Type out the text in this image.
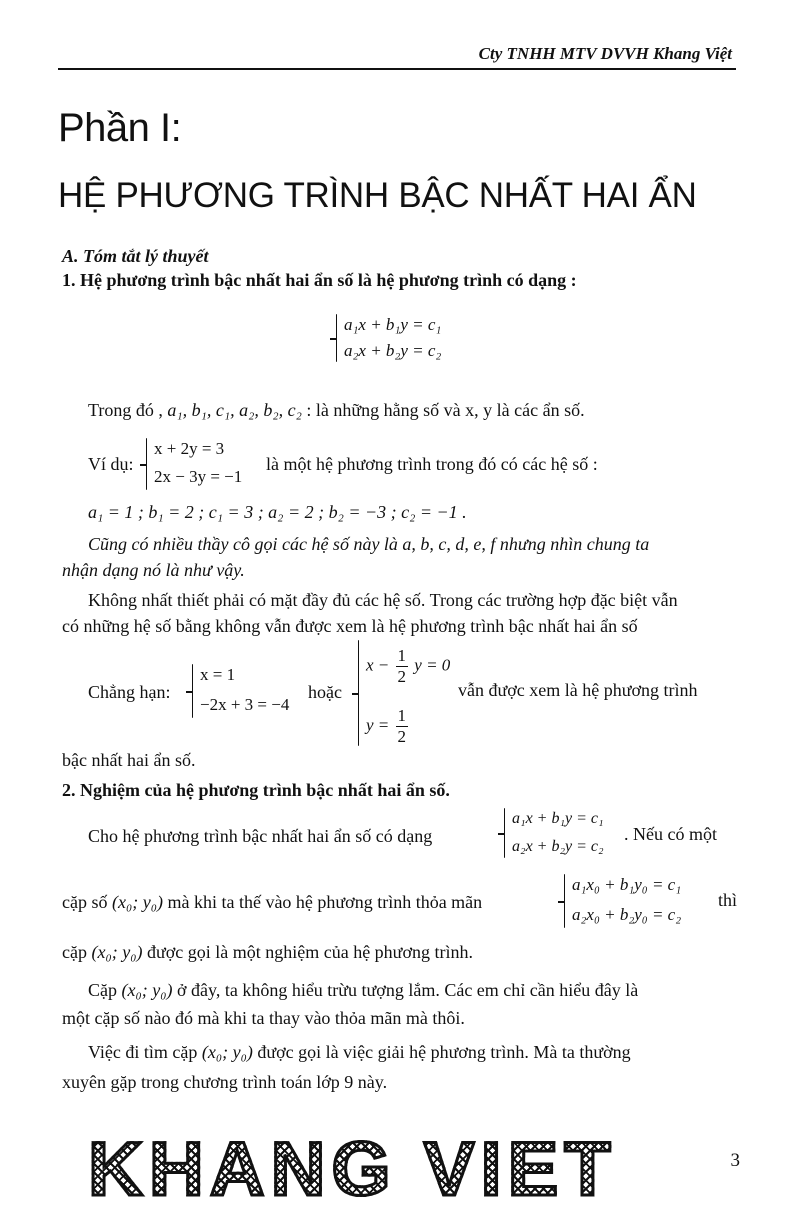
Cty TNHH MTV DVVH Khang Việt
Phần I:
HỆ PHƯƠNG TRÌNH BẬC NHẤT HAI ẨN
A. Tóm tắt lý thuyết
1. Hệ phương trình bậc nhất hai ẩn số là hệ phương trình có dạng :
a₁x + b₁y = c₁
a₂x + b₂y = c₂
Trong đó , a₁, b₁, c₁, a₂, b₂, c₂ : là những hằng số và x, y là các ẩn số.
Ví dụ:
x + 2y = 3
2x − 3y = −1
là một hệ phương trình trong đó có các hệ số :
a₁ = 1 ; b₁ = 2 ; c₁ = 3 ; a₂ = 2 ; b₂ = −3 ; c₂ = −1 .
Cũng có nhiều thầy cô gọi các hệ số này là a, b, c, d, e, f nhưng nhìn chung ta
nhận dạng nó là như vậy.
Không nhất thiết phải có mặt đầy đủ các hệ số. Trong các trường hợp đặc biệt vẫn
có những hệ số bằng không vẫn được xem là hệ phương trình bậc nhất hai ẩn số
Chẳng hạn:
x = 1
−2x + 3 = −4
hoặc
$x - \frac{1}{2}$ y = 0
$y = \frac{1}{2}$
vẫn được xem là hệ phương trình
bậc nhất hai ẩn số.
2. Nghiệm của hệ phương trình bậc nhất hai ẩn số.
Cho hệ phương trình bậc nhất hai ẩn số có dạng
a₁x + b₁y = c₁
a₂x + b₂y = c₂
. Nếu có một
cặp số (x₀; y₀) mà khi ta thế vào hệ phương trình thỏa mãn
a₁x₀ + b₁y₀ = c₁
a₂x₀ + b₂y₀ = c₂
thì
cặp (x₀; y₀) được gọi là một nghiệm của hệ phương trình.
Cặp (x₀; y₀) ở đây, ta không hiểu trừu tượng lắm. Các em chỉ cần hiểu đây là
một cặp số nào đó mà khi ta thay vào thỏa mãn mà thôi.
Việc đi tìm cặp (x₀; y₀) được gọi là việc giải hệ phương trình. Mà ta thường
xuyên gặp trong chương trình toán lớp 9 này.
KHANG VIET	3
